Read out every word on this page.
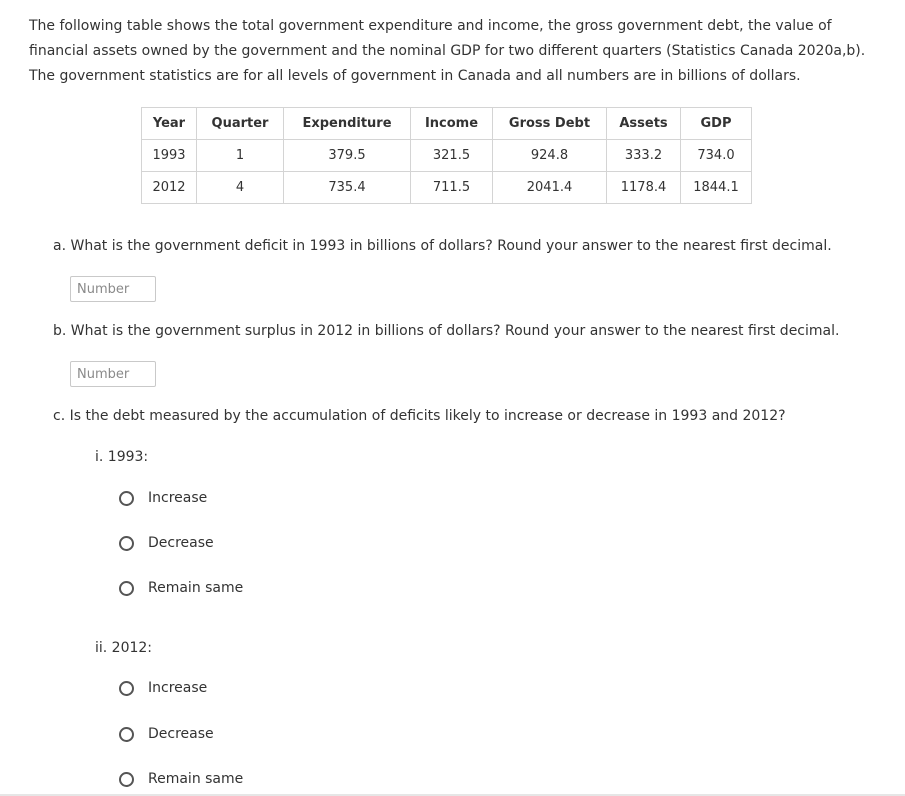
The following table shows the total government expenditure and income, the gross government debt, the value of financial assets owned by the government and the nominal GDP for two different quarters (Statistics Canada 2020a,b). The government statistics are for all levels of government in Canada and all numbers are in billions of dollars.

Year	Quarter	Expenditure	Income	Gross Debt	Assets	GDP
1993	1	379.5	321.5	924.8	333.2	734.0
2012	4	735.4	711.5	2041.4	1178.4	1844.1

a. What is the government deficit in 1993 in billions of dollars? Round your answer to the nearest first decimal.

Number

b. What is the government surplus in 2012 in billions of dollars? Round your answer to the nearest first decimal.

Number

c. Is the debt measured by the accumulation of deficits likely to increase or decrease in 1993 and 2012?

i. 1993:

Increase
Decrease
Remain same

ii. 2012:

Increase
Decrease
Remain same
